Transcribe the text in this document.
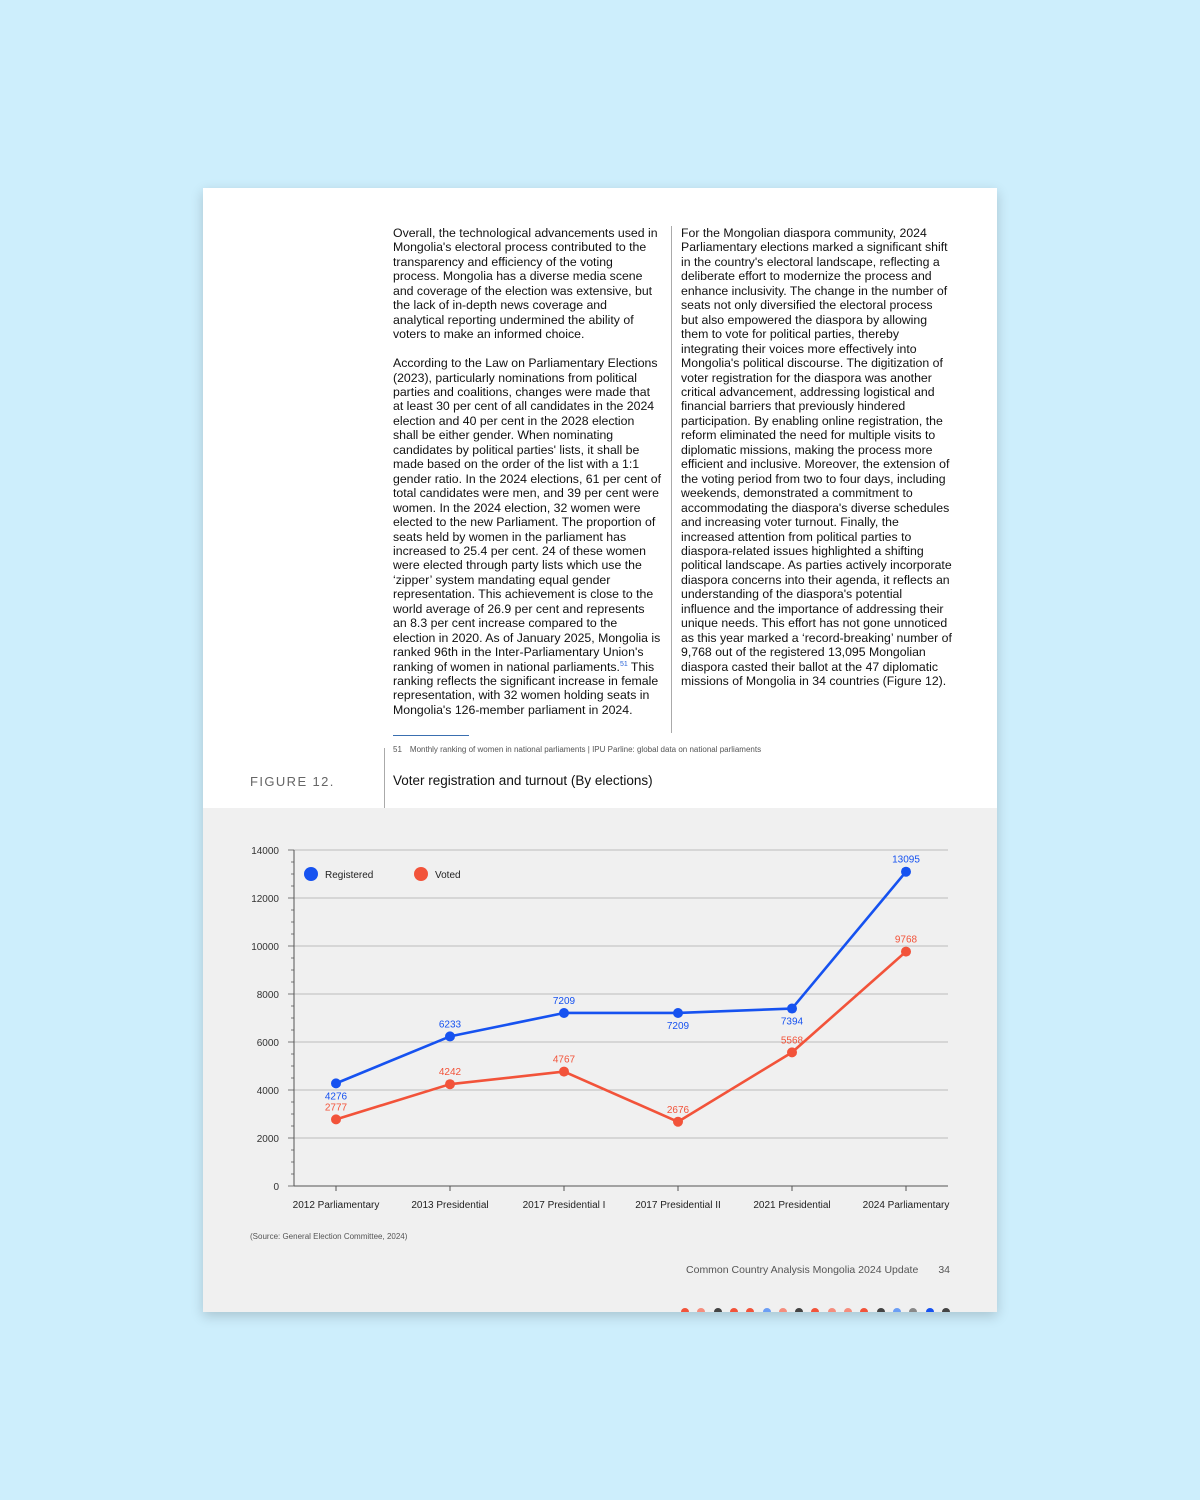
Overall, the technological advancements used in Mongolia's electoral process contributed to the transparency and efficiency of the voting process. Mongolia has a diverse media scene and coverage of the election was extensive, but the lack of in-depth news coverage and analytical reporting undermined the ability of voters to make an informed choice.

According to the Law on Parliamentary Elections (2023), particularly nominations from political parties and coalitions, changes were made that at least 30 per cent of all candidates in the 2024 election and 40 per cent in the 2028 election shall be either gender. When nominating candidates by political parties' lists, it shall be made based on the order of the list with a 1:1 gender ratio. In the 2024 elections, 61 per cent of total candidates were men, and 39 per cent were women. In the 2024 election, 32 women were elected to the new Parliament. The proportion of seats held by women in the parliament has increased to 25.4 per cent. 24 of these women were elected through party lists which use the ‘zipper’ system mandating equal gender representation. This achievement is close to the world average of 26.9 per cent and represents an 8.3 per cent increase compared to the election in 2020. As of January 2025, Mongolia is ranked 96th in the Inter-Parliamentary Union's ranking of women in national parliaments.$^{51}$ This ranking reflects the significant increase in female representation, with 32 women holding seats in Mongolia's 126-member parliament in 2024.

For the Mongolian diaspora community, 2024 Parliamentary elections marked a significant shift in the country's electoral landscape, reflecting a deliberate effort to modernize the process and enhance inclusivity. The change in the number of seats not only diversified the electoral process but also empowered the diaspora by allowing them to vote for political parties, thereby integrating their voices more effectively into Mongolia's political discourse. The digitization of voter registration for the diaspora was another critical advancement, addressing logistical and financial barriers that previously hindered participation. By enabling online registration, the reform eliminated the need for multiple visits to diplomatic missions, making the process more efficient and inclusive. Moreover, the extension of the voting period from two to four days, including weekends, demonstrated a commitment to accommodating the diaspora's diverse schedules and increasing voter turnout. Finally, the increased attention from political parties to diaspora-related issues highlighted a shifting political landscape. As parties actively incorporate diaspora concerns into their agenda, it reflects an understanding of the diaspora's potential influence and the importance of addressing their unique needs. This effort has not gone unnoticed as this year marked a ‘record-breaking’ number of 9,768 out of the registered 13,095 Mongolian diaspora casted their ballot at the 47 diplomatic missions of Mongolia in 34 countries (Figure 12).

51 Monthly ranking of women in national parliaments | IPU Parline: global data on national parliaments
FIGURE 12.	Voter registration and turnout (By elections)
0
2000
4000
6000
8000
10000
12000
14000
2012 Parliamentary	2013 Presidential	2017 Presidential I	2017 Presidential II	2021 Presidential	2024 Parliamentary
4276
6233
7209
7209	7394
13095
2777
4242
4767
2676
5568
9768
Registered	Voted
(Source: General Election Committee, 2024)
Common Country Analysis Mongolia 2024 Update 34
